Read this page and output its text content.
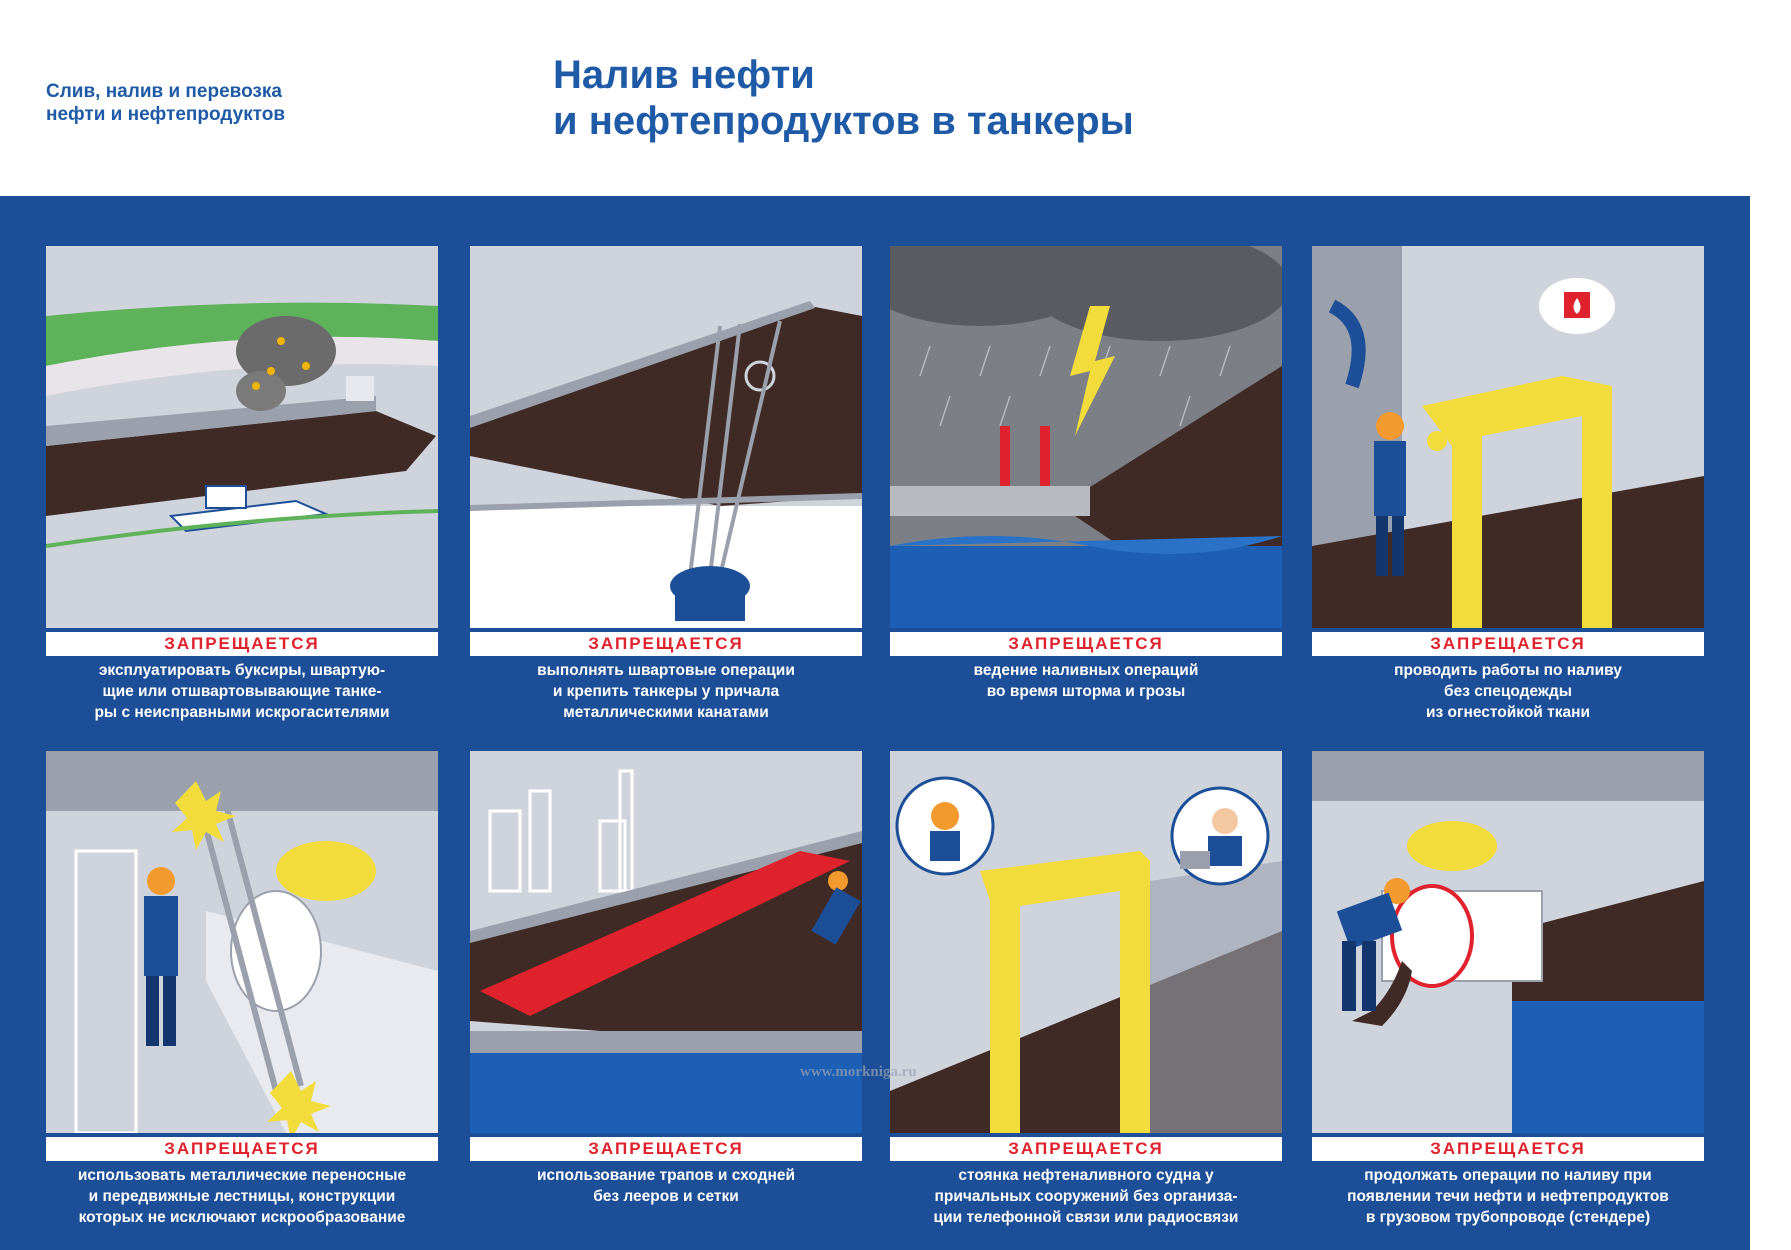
Слив, налив и перевозка
нефти и нефтепродуктов
Налив нефти
и нефтепродуктов в танкеры
ЗАПРЕЩАЕТСЯ
эксплуатировать буксиры, швартую-
щие или отшвартовывающие танке-
ры с неисправными искрогасителями
ЗАПРЕЩАЕТСЯ
выполнять швартовые операции
и крепить танкеры у причала
металлическими канатами
ЗАПРЕЩАЕТСЯ
ведение наливных операций
во время шторма и грозы
ЗАПРЕЩАЕТСЯ
проводить работы по наливу
без спецодежды
из огнестойкой ткани
ЗАПРЕЩАЕТСЯ
использовать металлические переносные
и передвижные лестницы, конструкции
которых не исключают искрообразование
ЗАПРЕЩАЕТСЯ
использование трапов и сходней
без лееров и сетки
ЗАПРЕЩАЕТСЯ
стоянка нефтеналивного судна у
причальных сооружений без организа-
ции телефонной связи или радиосвязи
ЗАПРЕЩАЕТСЯ
продолжать операции по наливу при
появлении течи нефти и нефтепродуктов
в грузовом трубопроводе (стендере)
www.morkniga.ru
